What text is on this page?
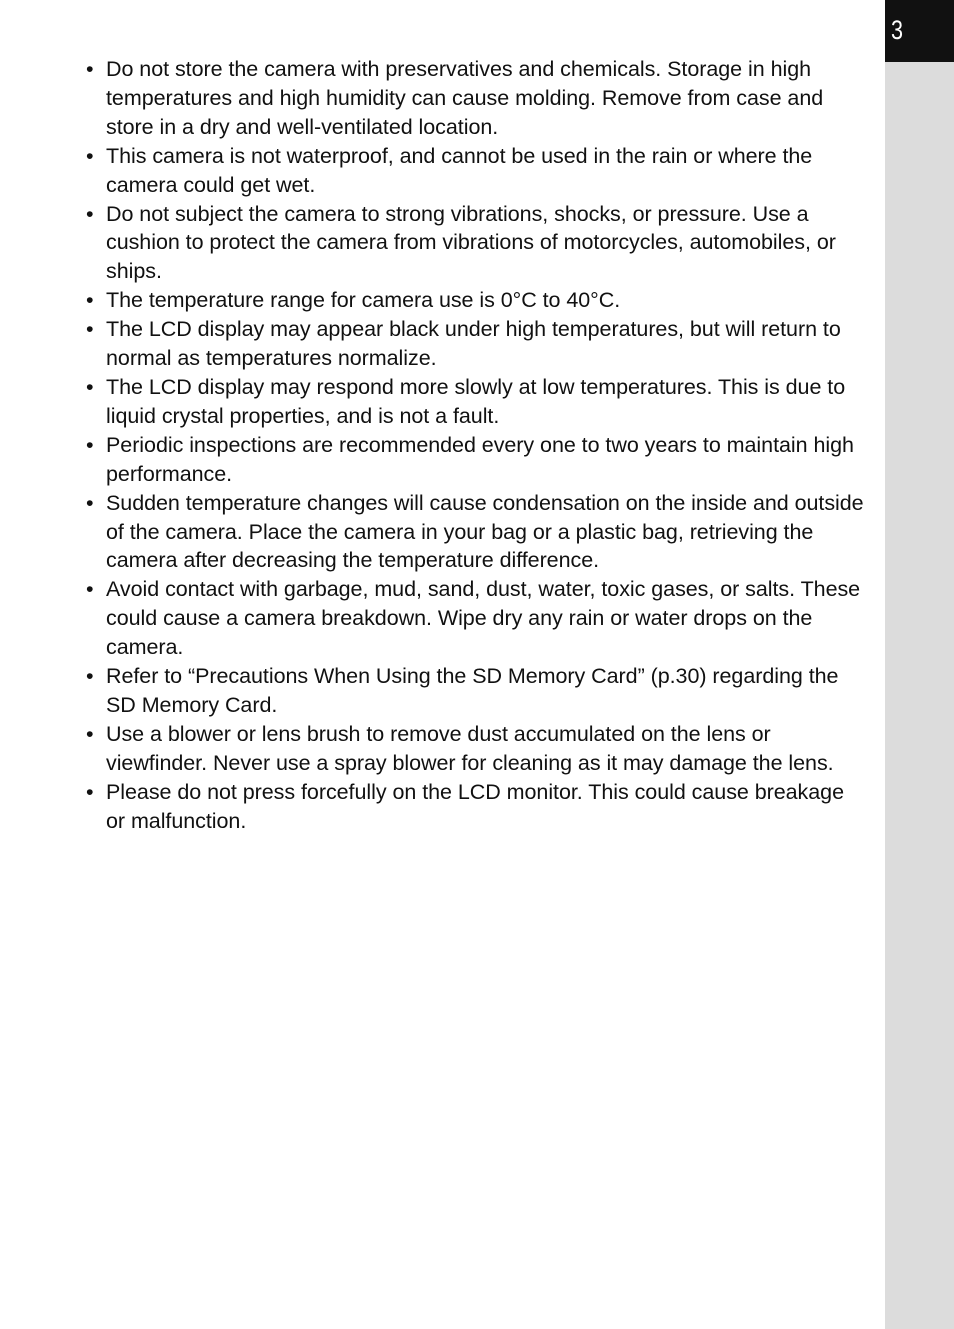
3
• Do not store the camera with preservatives and chemicals. Storage in high temperatures and high humidity can cause molding. Remove from case and store in a dry and well-ventilated location.
• This camera is not waterproof, and cannot be used in the rain or where the camera could get wet.
• Do not subject the camera to strong vibrations, shocks, or pressure. Use a cushion to protect the camera from vibrations of motorcycles, automobiles, or ships.
• The temperature range for camera use is 0°C to 40°C.
• The LCD display may appear black under high temperatures, but will return to normal as temperatures normalize.
• The LCD display may respond more slowly at low temperatures. This is due to liquid crystal properties, and is not a fault.
• Periodic inspections are recommended every one to two years to maintain high performance.
• Sudden temperature changes will cause condensation on the inside and outside of the camera. Place the camera in your bag or a plastic bag, retrieving the camera after decreasing the temperature difference.
• Avoid contact with garbage, mud, sand, dust, water, toxic gases, or salts. These could cause a camera breakdown. Wipe dry any rain or water drops on the camera.
• Refer to “Precautions When Using the SD Memory Card” (p.30) regarding the SD Memory Card.
• Use a blower or lens brush to remove dust accumulated on the lens or viewfinder. Never use a spray blower for cleaning as it may damage the lens.
• Please do not press forcefully on the LCD monitor. This could cause breakage or malfunction.
